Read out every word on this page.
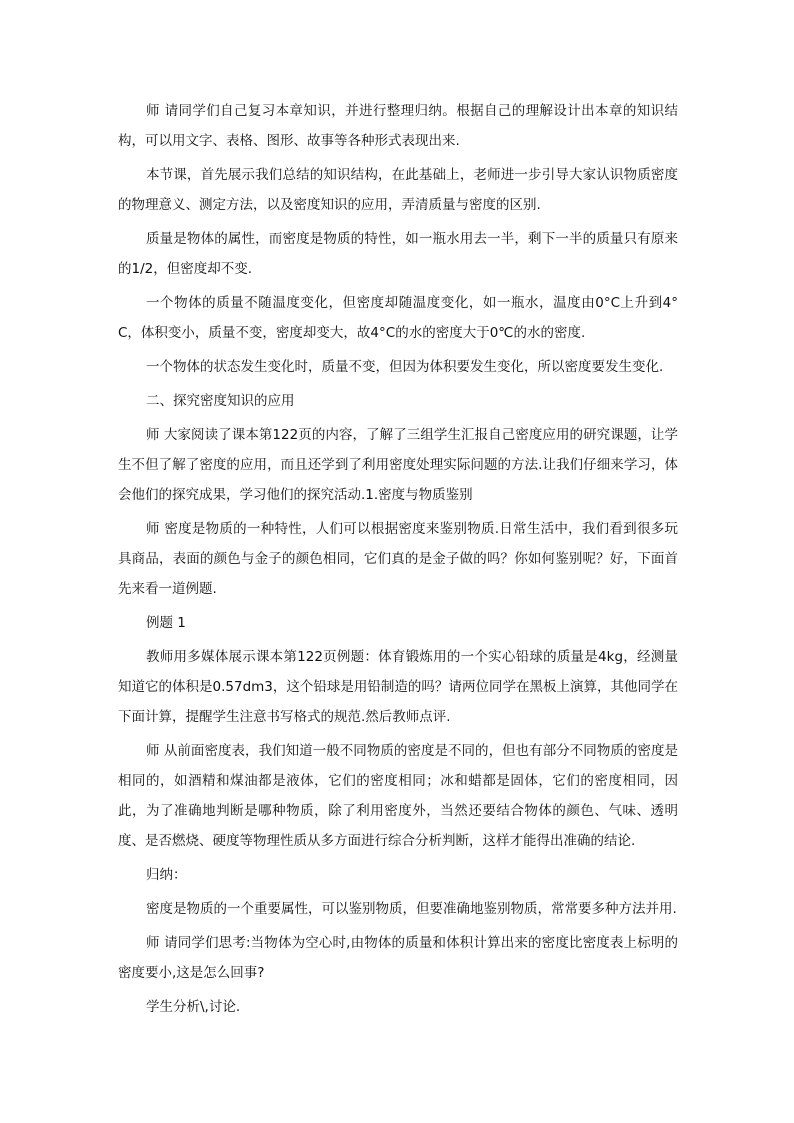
师 请同学们自己复习本章知识，并进行整理归纳。根据自己的理解设计出本章的知识结构，可以用文字、表格、图形、故事等各种形式表现出来.

本节课，首先展示我们总结的知识结构，在此基础上，老师进一步引导大家认识物质密度的物理意义、测定方法，以及密度知识的应用，弄清质量与密度的区别.

质量是物体的属性，而密度是物质的特性，如一瓶水用去一半，剩下一半的质量只有原来的1/2，但密度却不变.

一个物体的质量不随温度变化，但密度却随温度变化，如一瓶水，温度由0°C上升到4°C，体积变小，质量不变，密度却变大，故4°C的水的密度大于0℃的水的密度.

一个物体的状态发生变化时，质量不变，但因为体积要发生变化，所以密度要发生变化.

二、探究密度知识的应用

师 大家阅读了课本第122页的内容，了解了三组学生汇报自己密度应用的研究课题，让学生不但了解了密度的应用，而且还学到了利用密度处理实际问题的方法.让我们仔细来学习，体会他们的探究成果，学习他们的探究活动.1.密度与物质鉴别

师 密度是物质的一种特性，人们可以根据密度来鉴别物质.日常生活中，我们看到很多玩具商品，表面的颜色与金子的颜色相同，它们真的是金子做的吗？你如何鉴别呢？好，下面首先来看一道例题.

例题 1

教师用多媒体展示课本第122页例题：体育锻炼用的一个实心铅球的质量是4kg，经测量知道它的体积是0.57dm3，这个铅球是用铅制造的吗？请两位同学在黑板上演算，其他同学在下面计算，提醒学生注意书写格式的规范.然后教师点评.

师 从前面密度表，我们知道一般不同物质的密度是不同的，但也有部分不同物质的密度是相同的，如酒精和煤油都是液体，它们的密度相同；冰和蜡都是固体，它们的密度相同，因此，为了准确地判断是哪种物质，除了利用密度外，当然还要结合物体的颜色、气味、透明度、是否燃烧、硬度等物理性质从多方面进行综合分析判断，这样才能得出准确的结论.

归纳：

密度是物质的一个重要属性，可以鉴别物质，但要准确地鉴别物质，常常要多种方法并用.

师 请同学们思考:当物体为空心时,由物体的质量和体积计算出来的密度比密度表上标明的密度要小,这是怎么回事?

学生分析\,讨论.
